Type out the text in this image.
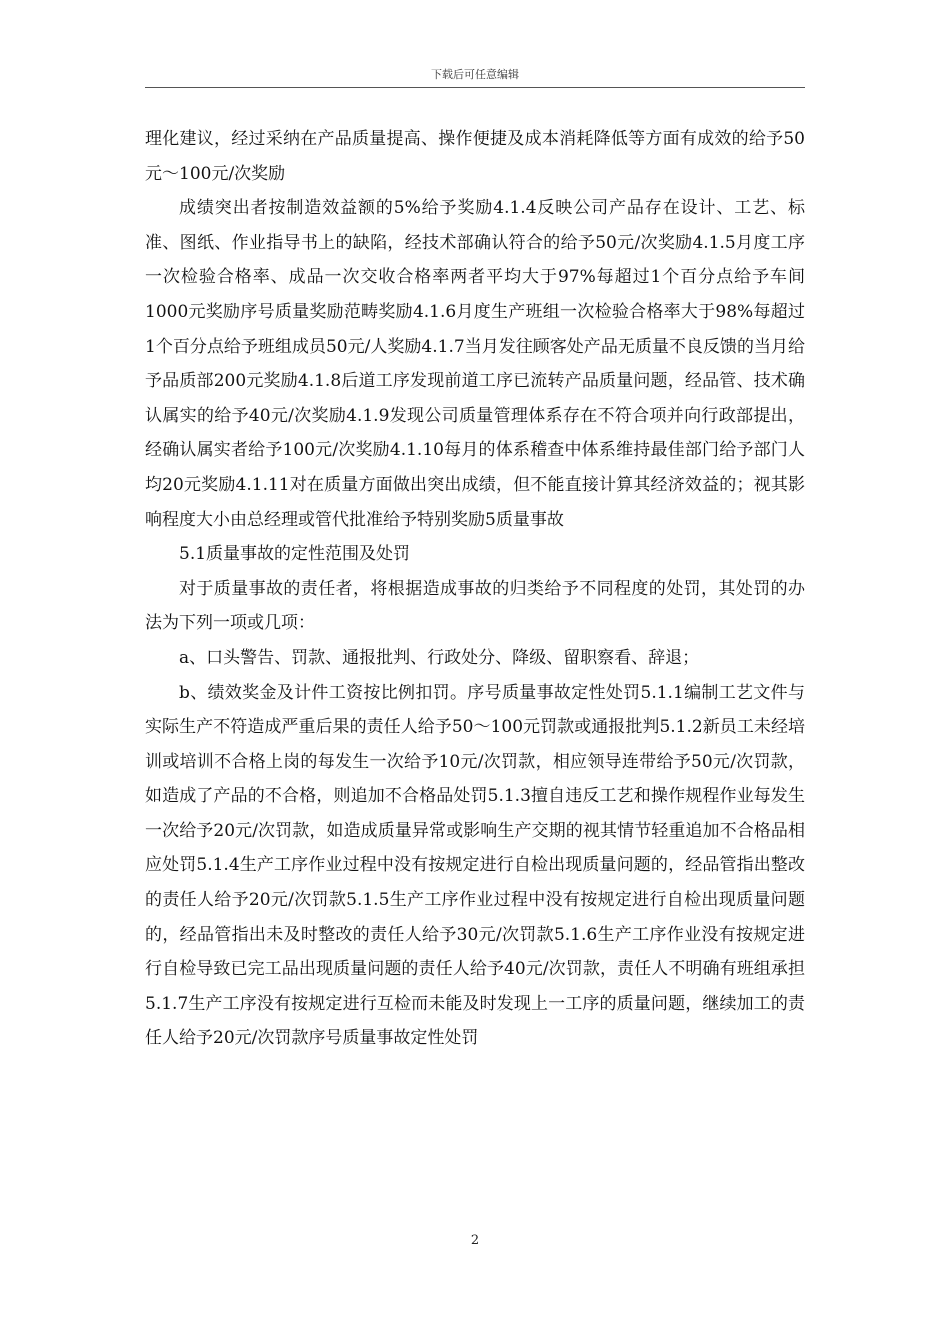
下载后可任意编辑

理化建议，经过采纳在产品质量提高、操作便捷及成本消耗降低等方面有成效的给予50元～100元/次奖励

成绩突出者按制造效益额的5%给予奖励4.1.4反映公司产品存在设计、工艺、标准、图纸、作业指导书上的缺陷，经技术部确认符合的给予50元/次奖励4.1.5月度工序一次检验合格率、成品一次交收合格率两者平均大于97%每超过1个百分点给予车间1000元奖励序号质量奖励范畴奖励4.1.6月度生产班组一次检验合格率大于98%每超过1个百分点给予班组成员50元/人奖励4.1.7当月发往顾客处产品无质量不良反馈的当月给予品质部200元奖励4.1.8后道工序发现前道工序已流转产品质量问题，经品管、技术确认属实的给予40元/次奖励4.1.9发现公司质量管理体系存在不符合项并向行政部提出，经确认属实者给予100元/次奖励4.1.10每月的体系稽查中体系维持最佳部门给予部门人均20元奖励4.1.11对在质量方面做出突出成绩，但不能直接计算其经济效益的；视其影响程度大小由总经理或管代批准给予特别奖励5质量事故

5.1质量事故的定性范围及处罚

对于质量事故的责任者，将根据造成事故的归类给予不同程度的处罚，其处罚的办法为下列一项或几项：

a、口头警告、罚款、通报批判、行政处分、降级、留职察看、辞退；

b、绩效奖金及计件工资按比例扣罚。序号质量事故定性处罚5.1.1编制工艺文件与实际生产不符造成严重后果的责任人给予50～100元罚款或通报批判5.1.2新员工未经培训或培训不合格上岗的每发生一次给予10元/次罚款，相应领导连带给予50元/次罚款，如造成了产品的不合格，则追加不合格品处罚5.1.3擅自违反工艺和操作规程作业每发生一次给予20元/次罚款，如造成质量异常或影响生产交期的视其情节轻重追加不合格品相应处罚5.1.4生产工序作业过程中没有按规定进行自检出现质量问题的，经品管指出整改的责任人给予20元/次罚款5.1.5生产工序作业过程中没有按规定进行自检出现质量问题的，经品管指出未及时整改的责任人给予30元/次罚款5.1.6生产工序作业没有按规定进行自检导致已完工品出现质量问题的责任人给予40元/次罚款，责任人不明确有班组承担5.1.7生产工序没有按规定进行互检而未能及时发现上一工序的质量问题，继续加工的责任人给予20元/次罚款序号质量事故定性处罚

2
